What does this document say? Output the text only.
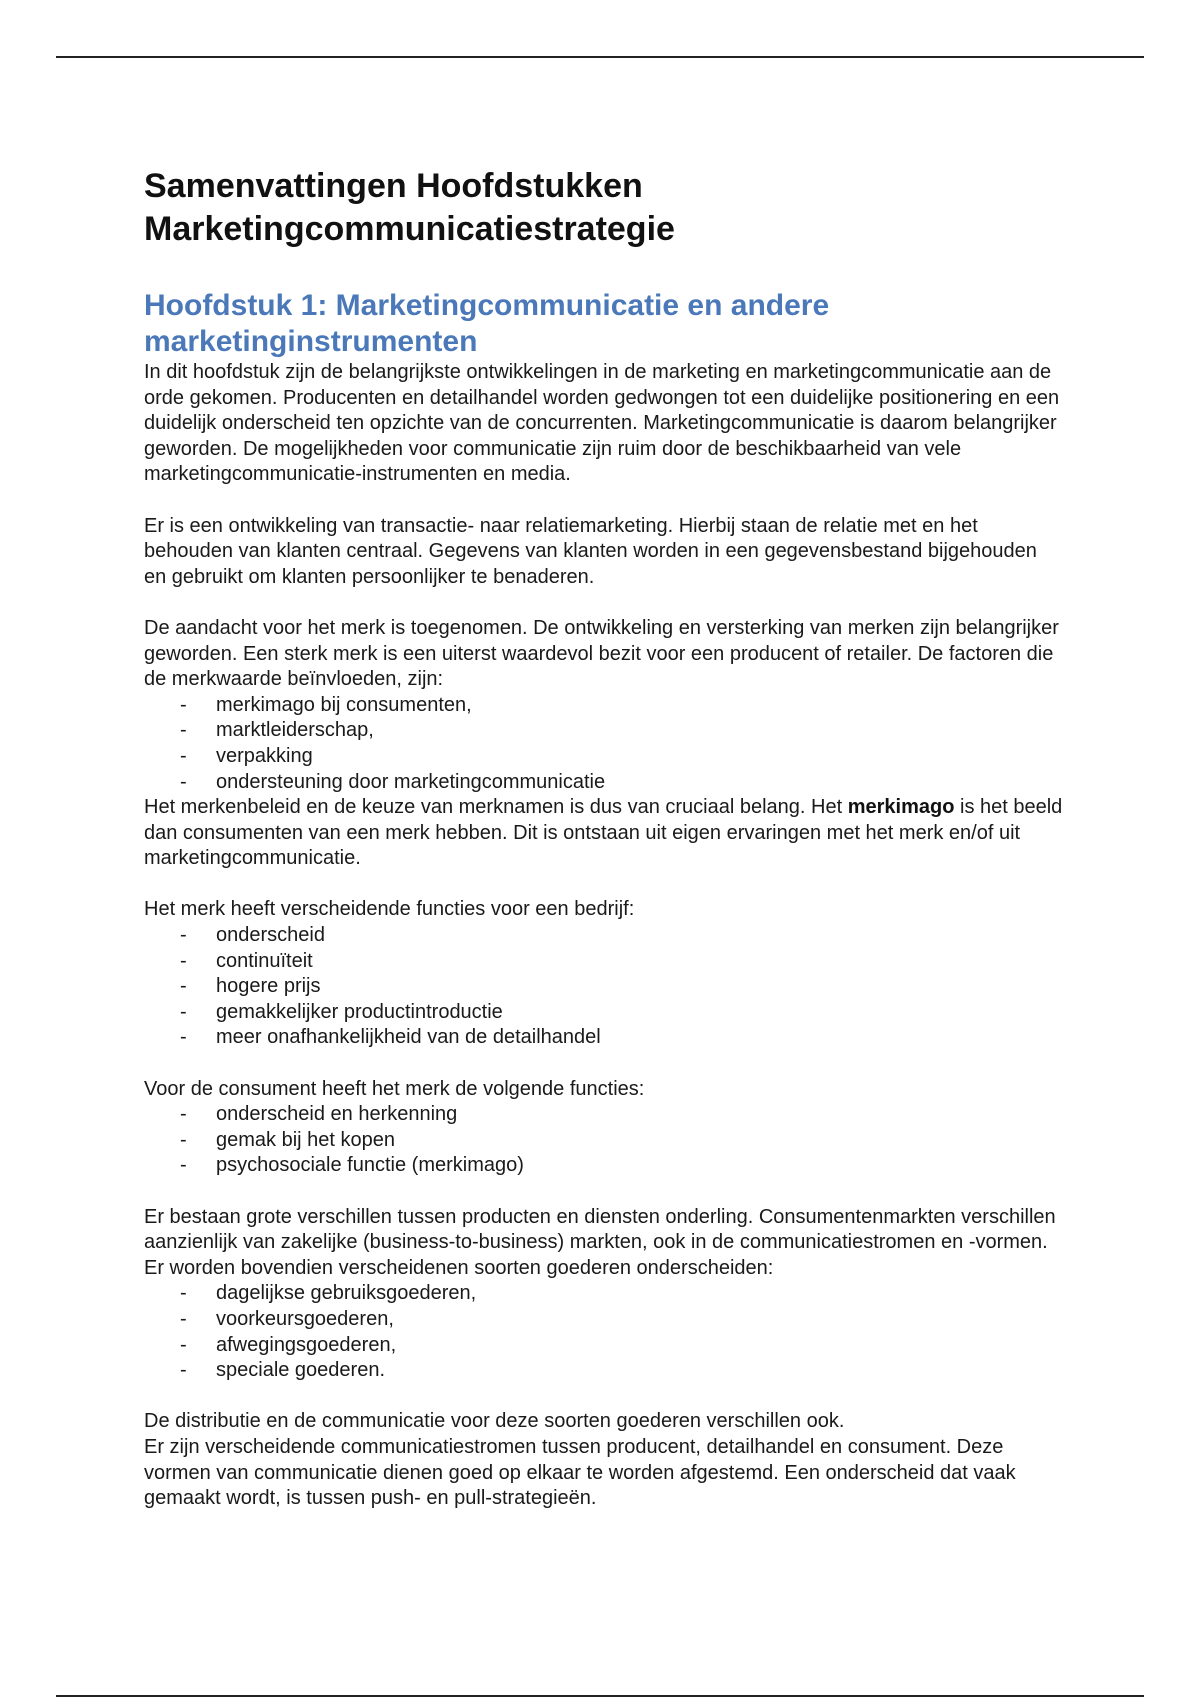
Samenvattingen Hoofdstukken
Marketingcommunicatiestrategie
Hoofdstuk 1: Marketingcommunicatie en andere
marketinginstrumenten

In dit hoofdstuk zijn de belangrijkste ontwikkelingen in de marketing en marketingcommunicatie aan de orde gekomen. Producenten en detailhandel worden gedwongen tot een duidelijke positionering en een duidelijk onderscheid ten opzichte van de concurrenten. Marketingcommunicatie is daarom belangrijker geworden. De mogelijkheden voor communicatie zijn ruim door de beschikbaarheid van vele marketingcommunicatie-instrumenten en media.

Er is een ontwikkeling van transactie- naar relatiemarketing. Hierbij staan de relatie met en het behouden van klanten centraal. Gegevens van klanten worden in een gegevensbestand bijgehouden en gebruikt om klanten persoonlijker te benaderen.

De aandacht voor het merk is toegenomen. De ontwikkeling en versterking van merken zijn belangrijker geworden. Een sterk merk is een uiterst waardevol bezit voor een producent of retailer. De factoren die de merkwaarde beïnvloeden, zijn:

- merkimago bij consumenten,
- marktleiderschap,
- verpakking
- ondersteuning door marketingcommunicatie

Het merkenbeleid en de keuze van merknamen is dus van cruciaal belang. Het merkimago is het beeld dan consumenten van een merk hebben. Dit is ontstaan uit eigen ervaringen met het merk en/of uit marketingcommunicatie.

Het merk heeft verscheidende functies voor een bedrijf:

- onderscheid
- continuïteit
- hogere prijs
- gemakkelijker productintroductie
- meer onafhankelijkheid van de detailhandel

Voor de consument heeft het merk de volgende functies:

- onderscheid en herkenning
- gemak bij het kopen
- psychosociale functie (merkimago)

Er bestaan grote verschillen tussen producten en diensten onderling. Consumentenmarkten verschillen aanzienlijk van zakelijke (business-to-business) markten, ook in de communicatiestromen en -vormen. Er worden bovendien verscheidenen soorten goederen onderscheiden:

- dagelijkse gebruiksgoederen,
- voorkeursgoederen,
- afwegingsgoederen,
- speciale goederen.

De distributie en de communicatie voor deze soorten goederen verschillen ook.

Er zijn verscheidende communicatiestromen tussen producent, detailhandel en consument. Deze vormen van communicatie dienen goed op elkaar te worden afgestemd. Een onderscheid dat vaak gemaakt wordt, is tussen push- en pull-strategieën.
